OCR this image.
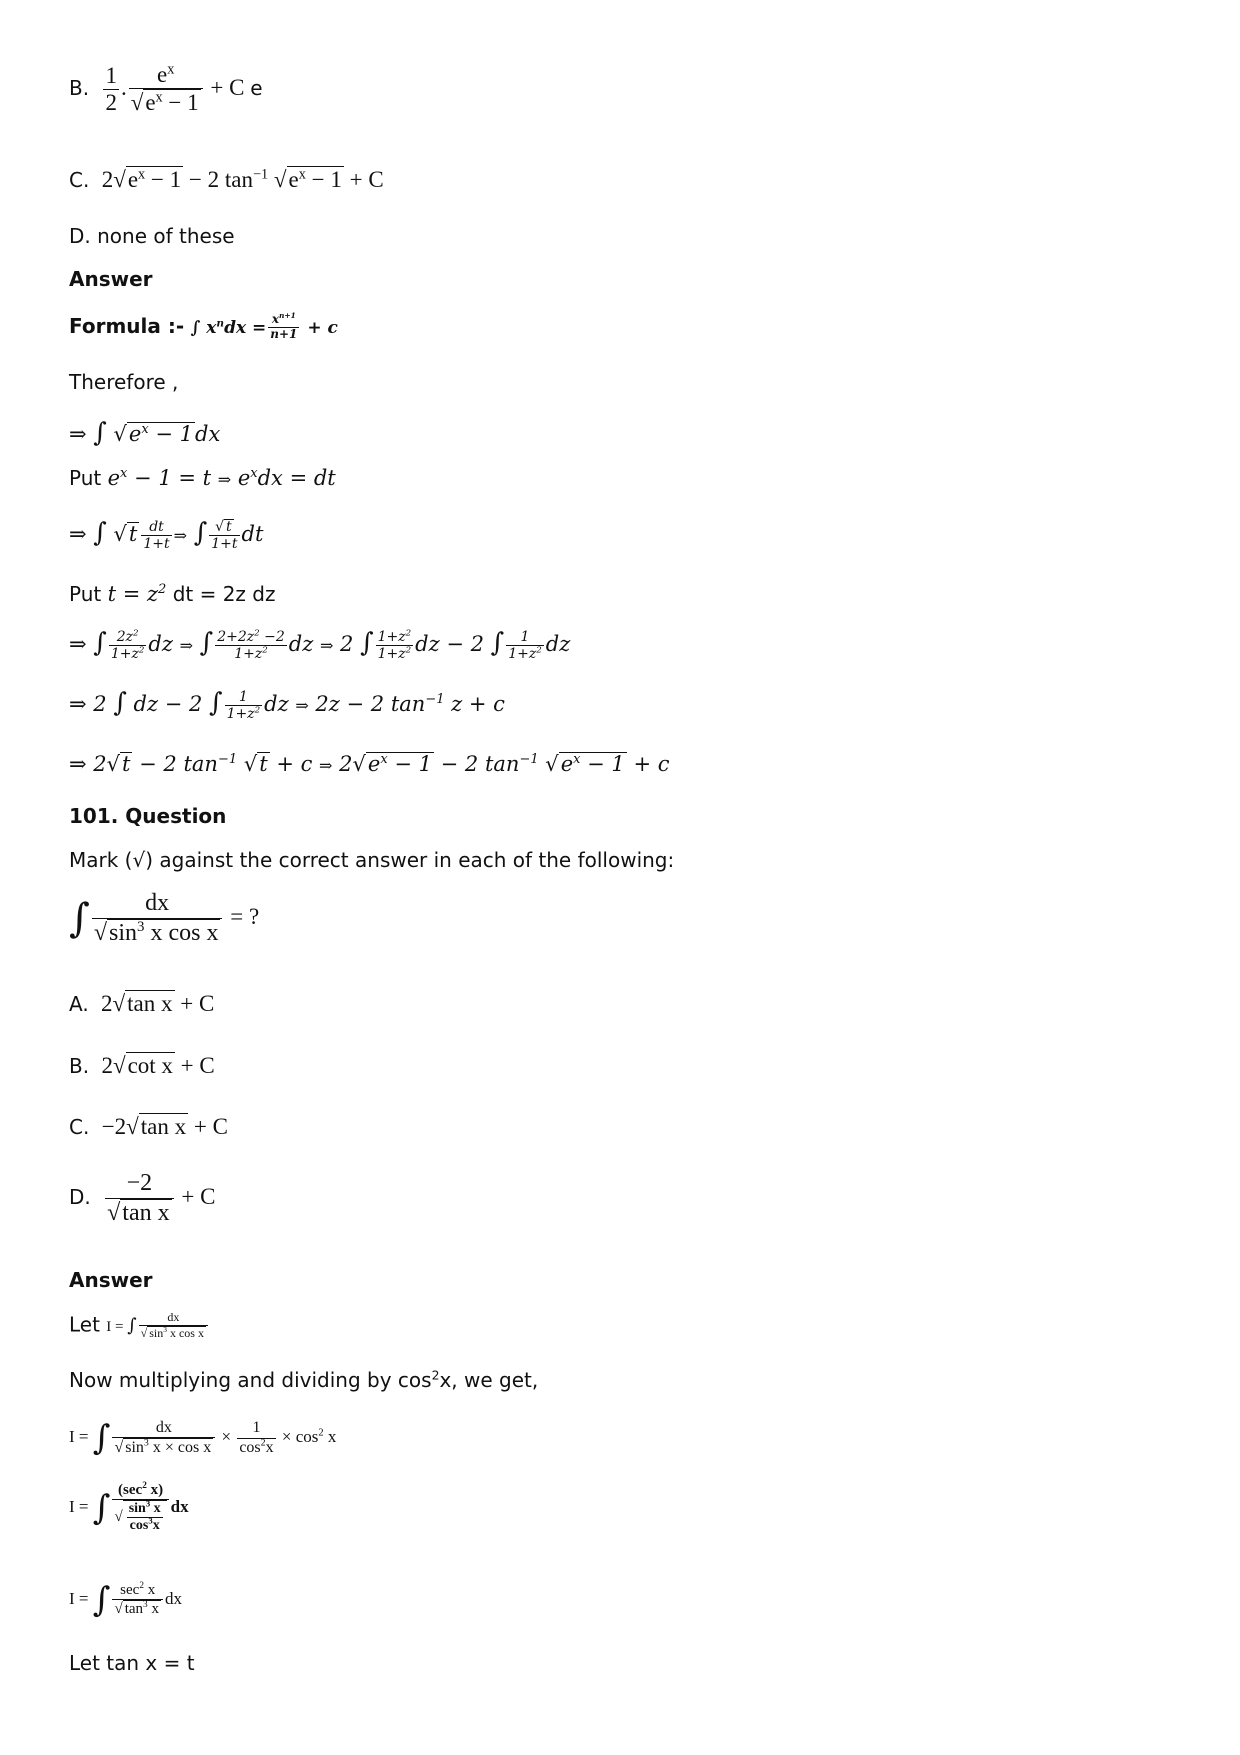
B. $\frac{1}{2}$ . $\frac{e^x}{√e^x - 1} + C$ e
C. $2√e^x - 1 - 2$ $\tan^{-1} √e^x - 1 + C$
D. none of these
Answer
Formula :- ∫ $x^ndx = \frac{x^{n+1}}{n+1} + c$
Therefore ,
⇒ ∫ $√e^x - 1dx$
Put $e^x - 1 = t$ ⇒ $e^xdx$ = dt
⇒ ∫ $√t \frac{dt}{1+t}$ ⇒ ∫ $\frac{√ t}{1+t}$ dt
Put $t = z^2$ dt = 2z dz
⇒ ∫ $\frac{2z^2}{1+z^2}$ dz ⇒ ∫ $\frac{2+2z^2 -2}{1+z^2}$ dz ⇒ 2 ∫ $\frac{1+z^2}{1+z^2}$ dz − 2 ∫ $\frac{1}{1+z^2}$ dz
⇒ 2 ∫ dz − 2 ∫ $\frac{1}{1+z^2}$ dz ⇒ 2z − 2 $\tan^{-1} z + c$
⇒ 2√t − 2 $\tan^{-1} √t + c$ ⇒ $2√e^x - 1 - 2$ $\tan^{-1} √e^x - 1 + c$
101. Question
Mark (√) against the correct answer in each of the following:
∫ $\frac{dx}{√\sin^3 x \cos x}$ = ?
A. 2√tan x + C
B. 2√cot x + C
C. −2√tan x + C
D. $\frac{-2}{\text{√tan x}} + C$
Answer
Let I = ∫ $\frac{dx}{√ \sin^3 x \cos x}$
Now multiplying and dividing by $\cos^2x$, we get,
I = ∫ $\frac{dx}{√ \sin^3 x \times \cos x} \times \frac{1}{\cos^2x} \times \cos^2 x$
I = ∫ $\frac{(\sec^2 x)}{√ \frac{\sin^3 x}{\cos^3x}}$ dx
I = ∫ $\frac{\sec^2 x}{√ \tan^3 x}$ dx
Let tan x = t
